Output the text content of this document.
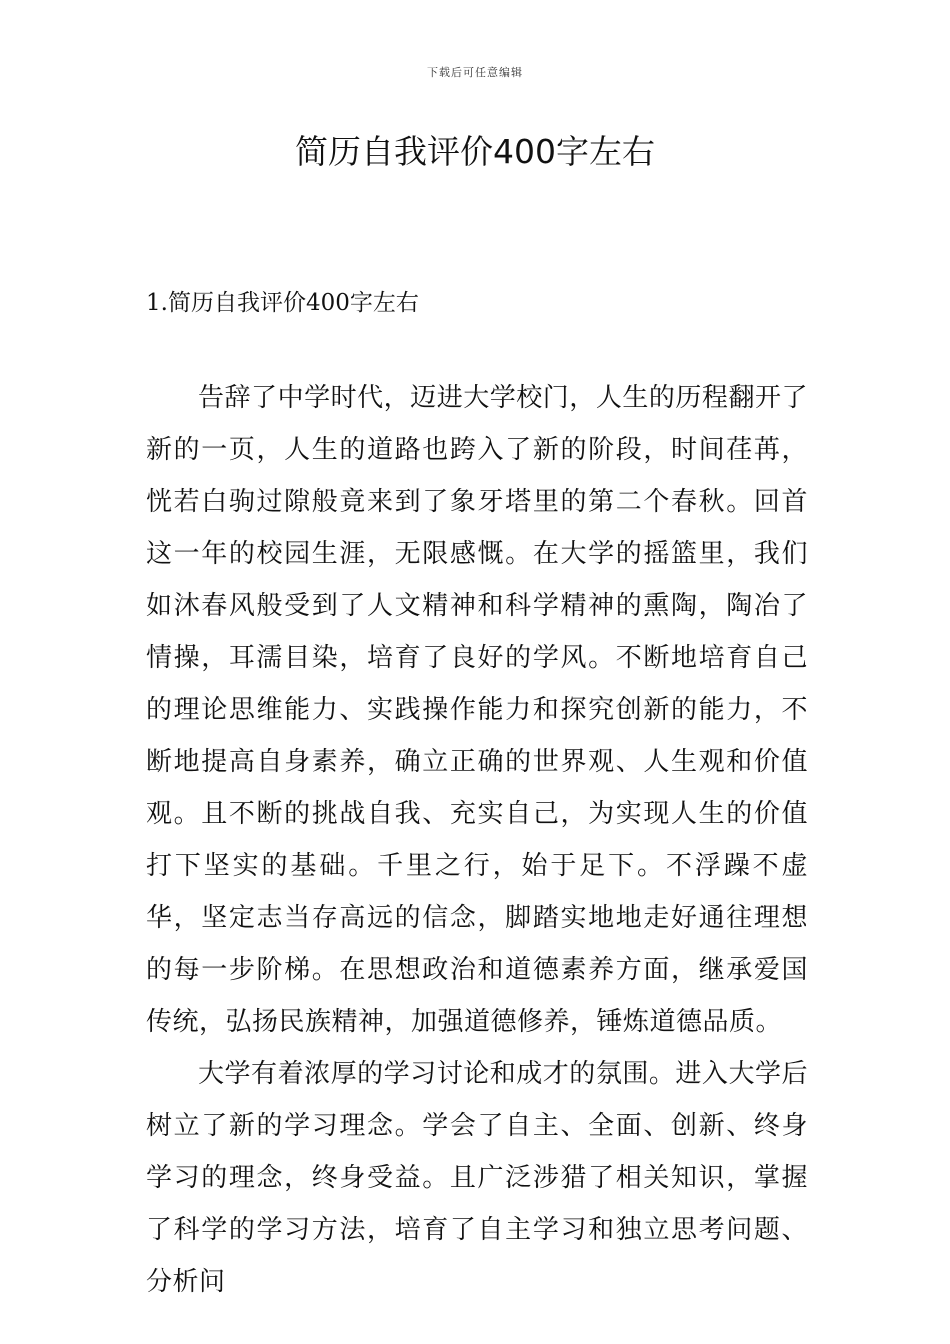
下载后可任意编辑
简历自我评价400字左右
1.简历自我评价400字左右

告辞了中学时代，迈进大学校门，人生的历程翻开了新的一页，人生的道路也跨入了新的阶段，时间荏苒，恍若白驹过隙般竟来到了象牙塔里的第二个春秋。回首这一年的校园生涯，无限感慨。在大学的摇篮里，我们如沐春风般受到了人文精神和科学精神的熏陶，陶冶了情操，耳濡目染，培育了良好的学风。不断地培育自己的理论思维能力、实践操作能力和探究创新的能力，不断地提高自身素养，确立正确的世界观、人生观和价值观。且不断的挑战自我、充实自己，为实现人生的价值打下坚实的基础。千里之行，始于足下。不浮躁不虚华，坚定志当存高远的信念，脚踏实地地走好通往理想的每一步阶梯。在思想政治和道德素养方面，继承爱国传统，弘扬民族精神，加强道德修养，锤炼道德品质。

大学有着浓厚的学习讨论和成才的氛围。进入大学后树立了新的学习理念。学会了自主、全面、创新、终身学习的理念，终身受益。且广泛涉猎了相关知识，掌握了科学的学习方法，培育了自主学习和独立思考问题、分析问
